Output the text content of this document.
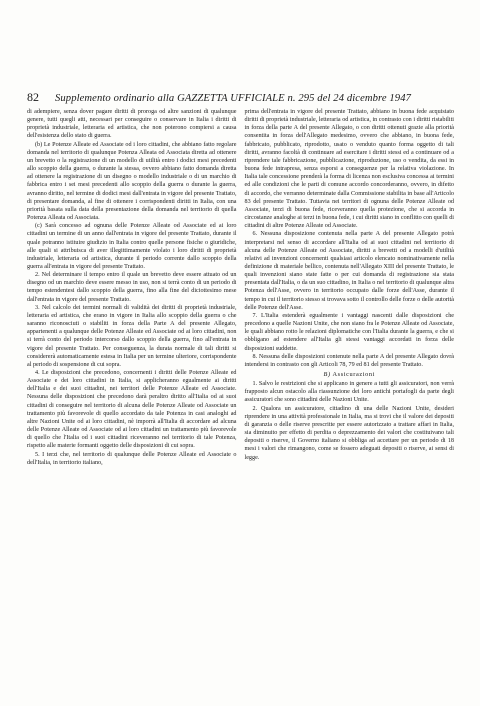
82 Supplemento ordinario alla GAZZETTA UFFICIALE n. 295 del 24 dicembre 1947

di adempiere, senza dover pagare diritti di proroga od altre sanzioni di qualunque genere, tutti quegli atti, necessari per conseguire o conservare in Italia i diritti di proprietà industriale, letteraria ed artistica, che non poterono compiersi a causa dell'esistenza dello stato di guerra.

(b) Le Potenze Alleate ed Associate od i loro cittadini, che abbiano fatto regolare domanda nel territorio di qualunque Potenza Alleata od Associata diretta ad ottenere un brevetto o la registrazione di un modello di utilità entro i dodici mesi precedenti allo scoppio della guerra, o durante la stessa, ovvero abbiano fatto domanda diretta ad ottenere la registrazione di un disegno o modello industriale o di un marchio di fabbrica entro i sei mesi precedenti allo scoppio della guerra o durante la guerra, avranno diritto, nel termine di dodici mesi dall'entrata in vigore del presente Trattato, di presentare domanda, al fine di ottenere i corrispondenti diritti in Italia, con una priorità basata sulla data della presentazione della domanda nel territorio di quella Potenza Alleata od Associata.

(c) Sarà concesso ad ognuna delle Potenze Alleate od Associate ed ai loro cittadini un termine di un anno dall'entrata in vigore del presente Trattato, durante il quale potranno istituire giudizio in Italia contro quelle persone fisiche o giuridiche, alle quali si attribuisca di aver illegittimamente violato i loro diritti di proprietà industriale, letteraria od artistica, durante il periodo corrente dallo scoppio della guerra all'entrata in vigore del presente Trattato.

2. Nel determinare il tempo entro il quale un brevetto deve essere attuato od un disegno od un marchio deve essere messo in uso, non si terrà conto di un periodo di tempo estendentesi dallo scoppio della guerra, fino alla fine del diciottesimo mese dall'entrata in vigore del presente Trattato.

3. Nel calcolo dei termini normali di validità dei diritti di proprietà industriale, letteraria ed artistica, che erano in vigore in Italia allo scoppio della guerra o che saranno riconosciuti o stabiliti in forza della Parte A del presente Allegato, appartenenti a qualunque delle Potenze Alleate ed Associate od ai loro cittadini, non si terrà conto del periodo intercorso dallo scoppio della guerra, fino all'entrata in vigore del presente Trattato. Per conseguenza, la durata normale di tali diritti si considererà automaticamente estesa in Italia per un termine ulteriore, corrispondente al periodo di sospensione di cui sopra.

4. Le disposizioni che precedono, concernenti i diritti delle Potenze Alleate ed Associate e dei loro cittadini in Italia, si applicheranno egualmente ai diritti dell'Italia e dei suoi cittadini, nei territori delle Potenze Alleate ed Associate. Nessuna delle disposizioni che precedono darà peraltro diritto all'Italia od ai suoi cittadini di conseguire nel territorio di alcuna delle Potenze Alleate od Associate un trattamento più favorevole di quello accordato da tale Potenza in casi analoghi ad altre Nazioni Unite od ai loro cittadini, nè imporrà all'Italia di accordare ad alcuna delle Potenze Alleate od Associate od ai loro cittadini un trattamento più favorevole di quello che l'Italia od i suoi cittadini riceveranno nel territorio di tale Potenza, rispetto alle materie formanti oggetto delle disposizioni di cui sopra.

5. I terzi che, nel territorio di qualunque delle Potenze Alleate ed Associate o dell'Italia, in territorio italiano,

prima dell'entrata in vigore del presente Trattato, abbiano in buona fede acquistato diritti di proprietà industriale, letteraria od artistica, in contrasto con i diritti ristabiliti in forza della parte A del presente Allegato, o con diritti ottenuti grazie alla priorità consentita in forza dell'Allegato medesimo, ovvero che abbiano, in buona fede, fabbricato, pubblicato, riprodotto, usato o venduto quanto forma oggetto di tali diritti, avranno facoltà di continuare ad esercitare i diritti stessi ed a continuare od a riprendere tale fabbricazione, pubblicazione, riproduzione, uso o vendita, da essi in buona fede intrapresa, senza esporsi a conseguenze per la relativa violazione. In Italia tale concessione prenderà la forma di licenza non esclusiva concessa ai termini ed alle condizioni che le parti di comune accordo concorderanno, ovvero, in difetto di accordo, che verranno determinate dalla Commissione stabilita in base all'Articolo 83 del presente Trattato. Tuttavia nei territori di ognuna delle Potenze Alleate od Associate, terzi di buona fede, riceveranno quella protezione, che si accorda in circostanze analoghe ai terzi in buona fede, i cui diritti siano in conflitto con quelli di cittadini di altre Potenze Alleate od Associate.

6. Nessuna disposizione contenuta nella parte A del presente Allegato potrà interpretarsi nel senso di accordare all'Italia od ai suoi cittadini nel territorio di alcuna delle Potenze Alleate od Associate, diritti a brevetti od a modelli d'utilità relativi ad invenzioni concernenti qualsiasi articolo elencato nominativamente nella definizione di materiale bellico, contenuta nell'Allegato XIII del presente Trattato, le quali invenzioni siano state fatte o per cui domanda di registrazione sia stata presentata dall'Italia, o da un suo cittadino, in Italia o nel territorio di qualunque altra Potenza dell'Asse, ovvero in territorio occupato dalle forze dell'Asse, durante il tempo in cui il territorio stesso si trovava sotto il controllo delle forze o delle autorità delle Potenze dell'Asse.

7. L'Italia estenderà egualmente i vantaggi nascenti dalle disposizioni che precedono a quelle Nazioni Unite, che non siano fra le Potenze Alleate od Associate, le quali abbiano rotto le relazioni diplomatiche con l'Italia durante la guerra, e che si obbligano ad estendere all'Italia gli stessi vantaggi accordati in forza delle disposizioni suddette.

8. Nessuna delle disposizioni contenute nella parte A del presente Allegato dovrà intendersi in contrasto con gli Articoli 78, 79 ed 81 del presente Trattato.

B) Assicurazioni

1. Salvo le restrizioni che si applicano in genere a tutti gli assicuratori, non verrà frapposto alcun ostacolo alla riassunzione dei loro antichi portafogli da parte degli assicuratori che sono cittadini delle Nazioni Unite.

2. Qualora un assicuratore, cittadino di una delle Nazioni Unite, desideri riprendere in una attività professionale in Italia, ma si trovi che il valore dei depositi di garanzia o delle riserve prescritte per essere autorizzato a trattare affari in Italia, sia diminuito per effetto di perdita o deprezzamento dei valori che costituivano tali depositi o riserve, il Governo italiano si obbliga ad accettare per un periodo di 18 mesi i valori che rimangono, come se fossero adeguati depositi o riserve, ai sensi di legge.
